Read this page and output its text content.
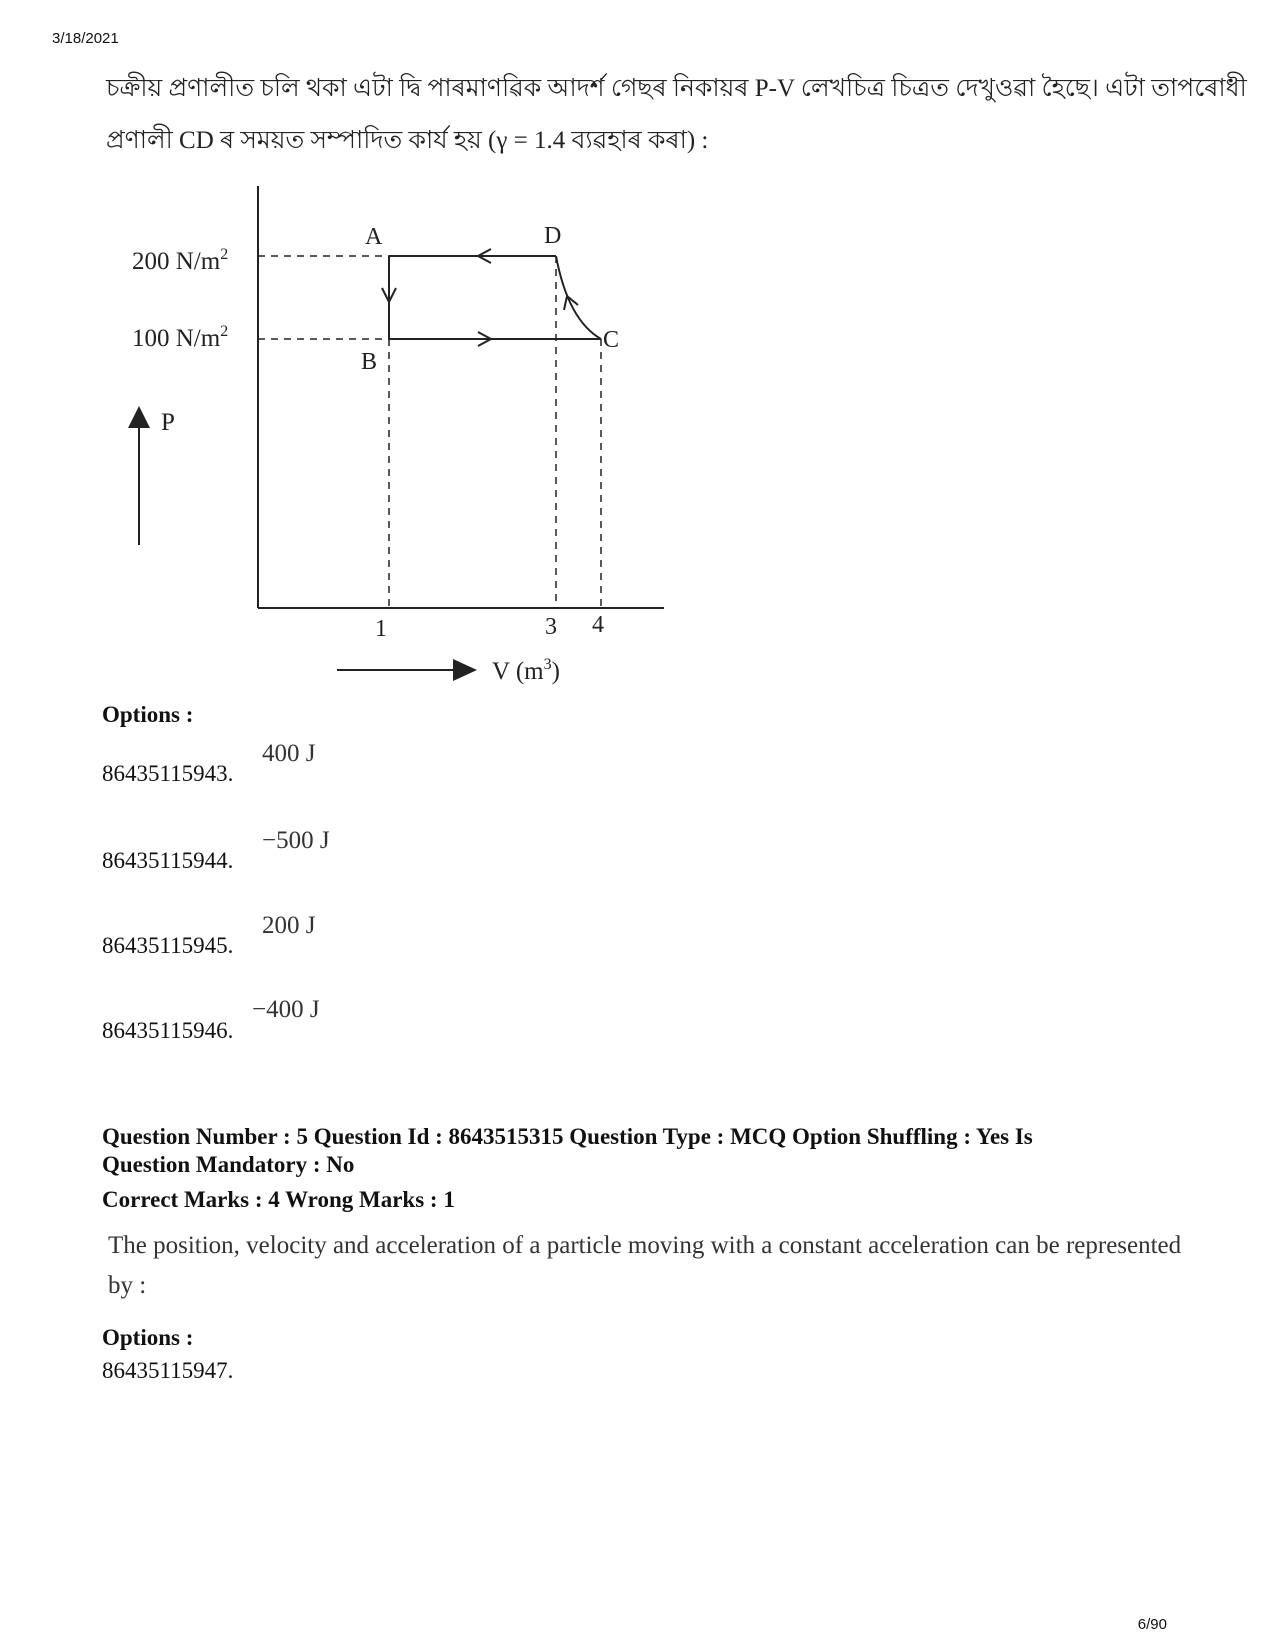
3/18/2021
চক্ৰীয় প্ৰণালীত চলি থকা এটা দ্বি পাৰমাণৱিক আদৰ্শ গেছৰ নিকায়ৰ P-V লেখচিত্ৰ চিত্ৰত দেখুওৱা হৈছে। এটা তাপৰোধী
প্ৰণালী CD ৰ সময়ত সম্পাদিত কাৰ্য হয় (γ = 1.4 ব্যৱহাৰ কৰা) :
200 $N/m^2$
100 $N/m^2$
A	D
B
C
P
1	3 4
V $(m^3)$
Options :
86435115943.
400 J
86435115944.
−500 J
86435115945.
200 J
86435115946.
−400 J
Question Number : 5 Question Id : 8643515315 Question Type : MCQ Option Shuffling : Yes Is
Question Mandatory : No
Correct Marks : 4 Wrong Marks : 1
The position, velocity and acceleration of a particle moving with a constant acceleration can be represented by :
Options :
86435115947.
6/90
